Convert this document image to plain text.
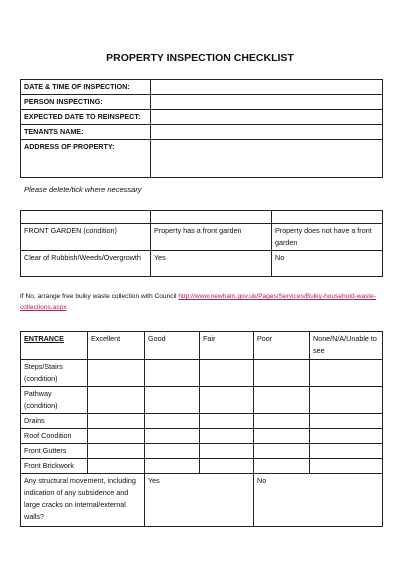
PROPERTY INSPECTION CHECKLIST
DATE & TIME OF INSPECTION:	
PERSON INSPECTING:	
EXPECTED DATE TO REINSPECT:	
TENANTS NAME:	
ADDRESS OF PROPERTY:	
Please delete/tick where necessary

FRONT GARDEN (condition)	Property has a front garden	Property does not have a front garden
Clear of Rubbish/Weeds/Overgrowth	Yes	No
If No, arrange free bulky waste collection with Council http://www.newham.gov.uk/Pages/Services/Bulky-household-waste-collections.aspx
ENTRANCE	Excellent	Good	Fair	Poor	None/N/A/Unable to see
Steps/Stairs (condition)					
Pathway (condition)					
Drains					
Roof Condition					
Front Gutters					
Front Brickwork					
Any structural movement, including indication of any subsidence and large cracks on internal/external walls?		Yes		No	
